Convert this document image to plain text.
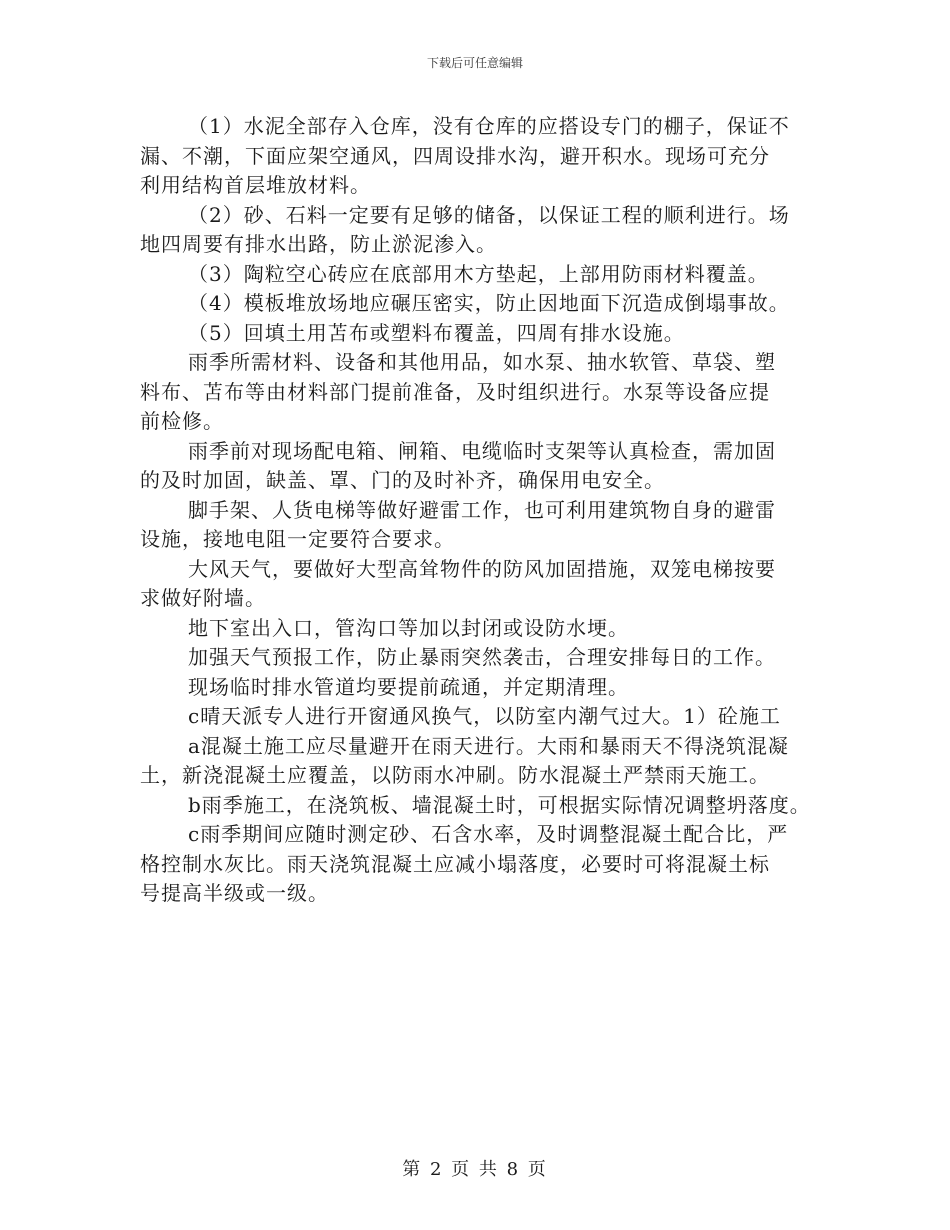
下载后可任意编辑
（1）水泥全部存入仓库，没有仓库的应搭设专门的棚子，保证不
漏、不潮，下面应架空通风，四周设排水沟，避开积水。现场可充分
利用结构首层堆放材料。
（2）砂、石料一定要有足够的储备，以保证工程的顺利进行。场
地四周要有排水出路，防止淤泥渗入。
（3）陶粒空心砖应在底部用木方垫起，上部用防雨材料覆盖。
（4）模板堆放场地应碾压密实，防止因地面下沉造成倒塌事故。
（5）回填土用苫布或塑料布覆盖，四周有排水设施。
雨季所需材料、设备和其他用品，如水泵、抽水软管、草袋、塑
料布、苫布等由材料部门提前准备，及时组织进行。水泵等设备应提
前检修。
雨季前对现场配电箱、闸箱、电缆临时支架等认真检查，需加固
的及时加固，缺盖、罩、门的及时补齐，确保用电安全。
脚手架、人货电梯等做好避雷工作，也可利用建筑物自身的避雷
设施，接地电阻一定要符合要求。
大风天气，要做好大型高耸物件的防风加固措施，双笼电梯按要
求做好附墙。
地下室出入口，管沟口等加以封闭或设防水埂。
加强天气预报工作，防止暴雨突然袭击，合理安排每日的工作。
现场临时排水管道均要提前疏通，并定期清理。
c晴天派专人进行开窗通风换气，以防室内潮气过大。1）砼施工
a混凝土施工应尽量避开在雨天进行。大雨和暴雨天不得浇筑混凝
土，新浇混凝土应覆盖，以防雨水冲刷。防水混凝土严禁雨天施工。
b雨季施工，在浇筑板、墙混凝土时，可根据实际情况调整坍落度。
c雨季期间应随时测定砂、石含水率，及时调整混凝土配合比，严
格控制水灰比。雨天浇筑混凝土应减小塌落度，必要时可将混凝土标
号提高半级或一级。
第 2 页 共 8 页
